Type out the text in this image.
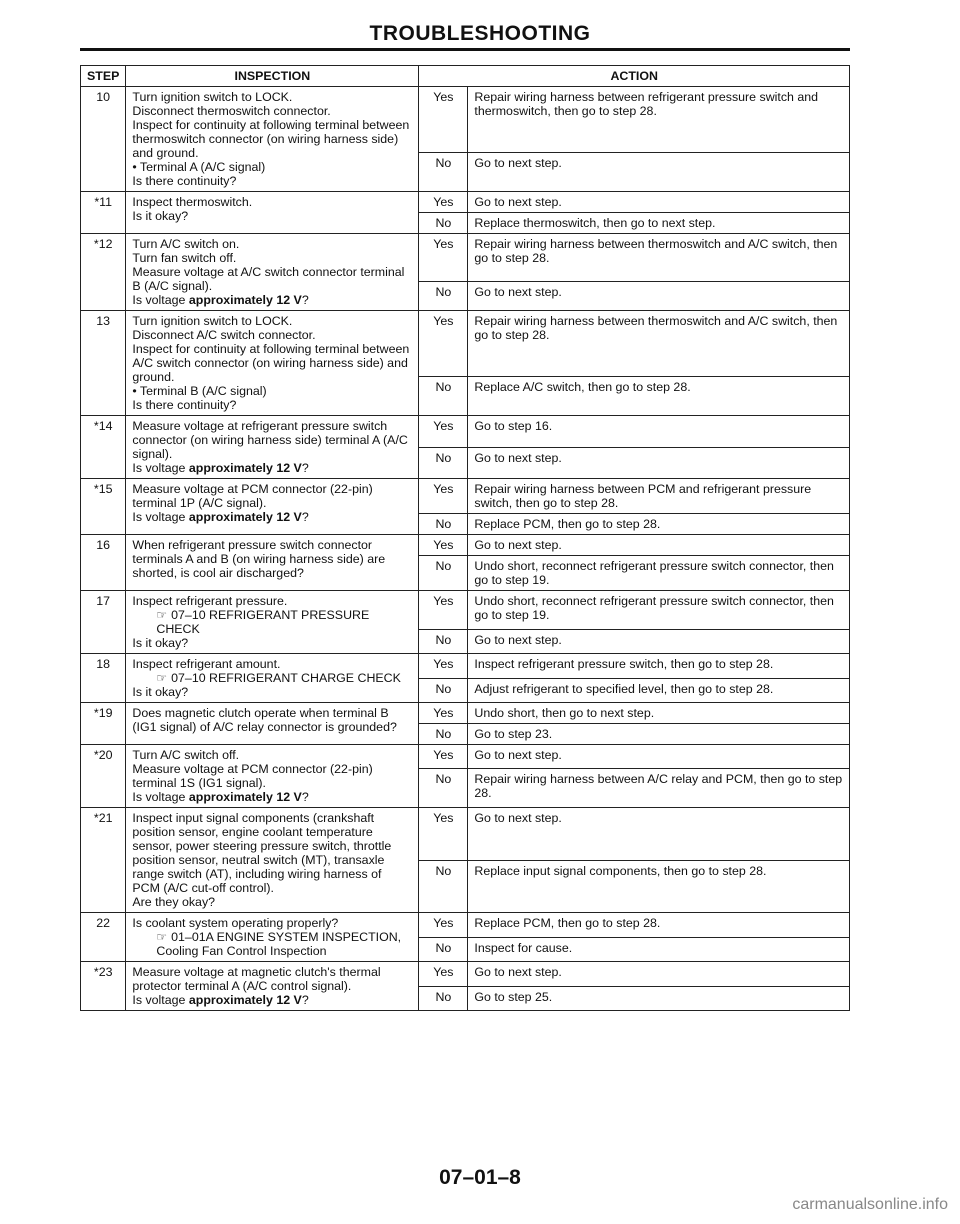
TROUBLESHOOTING
STEP	INSPECTION	ACTION	
10	Turn ignition switch to LOCK.
Disconnect thermoswitch connector.
Inspect for continuity at following terminal between thermoswitch connector (on wiring harness side) and ground.
• Terminal A (A/C signal)
Is there continuity?	Yes	Repair wiring harness between refrigerant pressure switch and thermoswitch, then go to step 28.
		No	Go to next step.
*11	Inspect thermoswitch.
Is it okay?	Yes	Go to next step.
		No	Replace thermoswitch, then go to next step.
*12	Turn A/C switch on.
Turn fan switch off.
Measure voltage at A/C switch connector terminal B (A/C signal).
Is voltage approximately 12 V?	Yes	Repair wiring harness between thermoswitch and A/C switch, then go to step 28.
		No	Go to next step.
13	Turn ignition switch to LOCK.
Disconnect A/C switch connector.
Inspect for continuity at following terminal between A/C switch connector (on wiring harness side) and ground.
• Terminal B (A/C signal)
Is there continuity?	Yes	Repair wiring harness between thermoswitch and A/C switch, then go to step 28.
		No	Replace A/C switch, then go to step 28.
*14	Measure voltage at refrigerant pressure switch connector (on wiring harness side) terminal A (A/C signal).
Is voltage approximately 12 V?	Yes	Go to step 16.
		No	Go to next step.
*15	Measure voltage at PCM connector (22-pin) terminal 1P (A/C signal).
Is voltage approximately 12 V?	Yes	Repair wiring harness between PCM and refrigerant pressure switch, then go to step 28.
		No	Replace PCM, then go to step 28.
16	When refrigerant pressure switch connector terminals A and B (on wiring harness side) are shorted, is cool air discharged?	Yes	Go to next step.
		No	Undo short, reconnect refrigerant pressure switch connector, then go to step 19.
17	Inspect refrigerant pressure.
☞ 07–10 REFRIGERANT PRESSURE CHECK
Is it okay?	Yes	Undo short, reconnect refrigerant pressure switch connector, then go to step 19.
		No	Go to next step.
18	Inspect refrigerant amount.
☞ 07–10 REFRIGERANT CHARGE CHECK
Is it okay?	Yes	Inspect refrigerant pressure switch, then go to step 28.
		No	Adjust refrigerant to specified level, then go to step 28.
*19	Does magnetic clutch operate when terminal B (IG1 signal) of A/C relay connector is grounded?	Yes	Undo short, then go to next step.
		No	Go to step 23.
*20	Turn A/C switch off.
Measure voltage at PCM connector (22-pin) terminal 1S (IG1 signal).
Is voltage approximately 12 V?	Yes	Go to next step.
		No	Repair wiring harness between A/C relay and PCM, then go to step 28.
*21	Inspect input signal components (crankshaft position sensor, engine coolant temperature sensor, power steering pressure switch, throttle position sensor, neutral switch (MT), transaxle range switch (AT), including wiring harness of PCM (A/C cut-off control).
Are they okay?	Yes	Go to next step.
		No	Replace input signal components, then go to step 28.
22	Is coolant system operating properly?
☞ 01–01A ENGINE SYSTEM INSPECTION, Cooling Fan Control Inspection	Yes	Replace PCM, then go to step 28.
		No	Inspect for cause.
*23	Measure voltage at magnetic clutch's thermal protector terminal A (A/C control signal).
Is voltage approximately 12 V?	Yes	Go to next step.
		No	Go to step 25.
07–01–8
carmanualsonline.info
